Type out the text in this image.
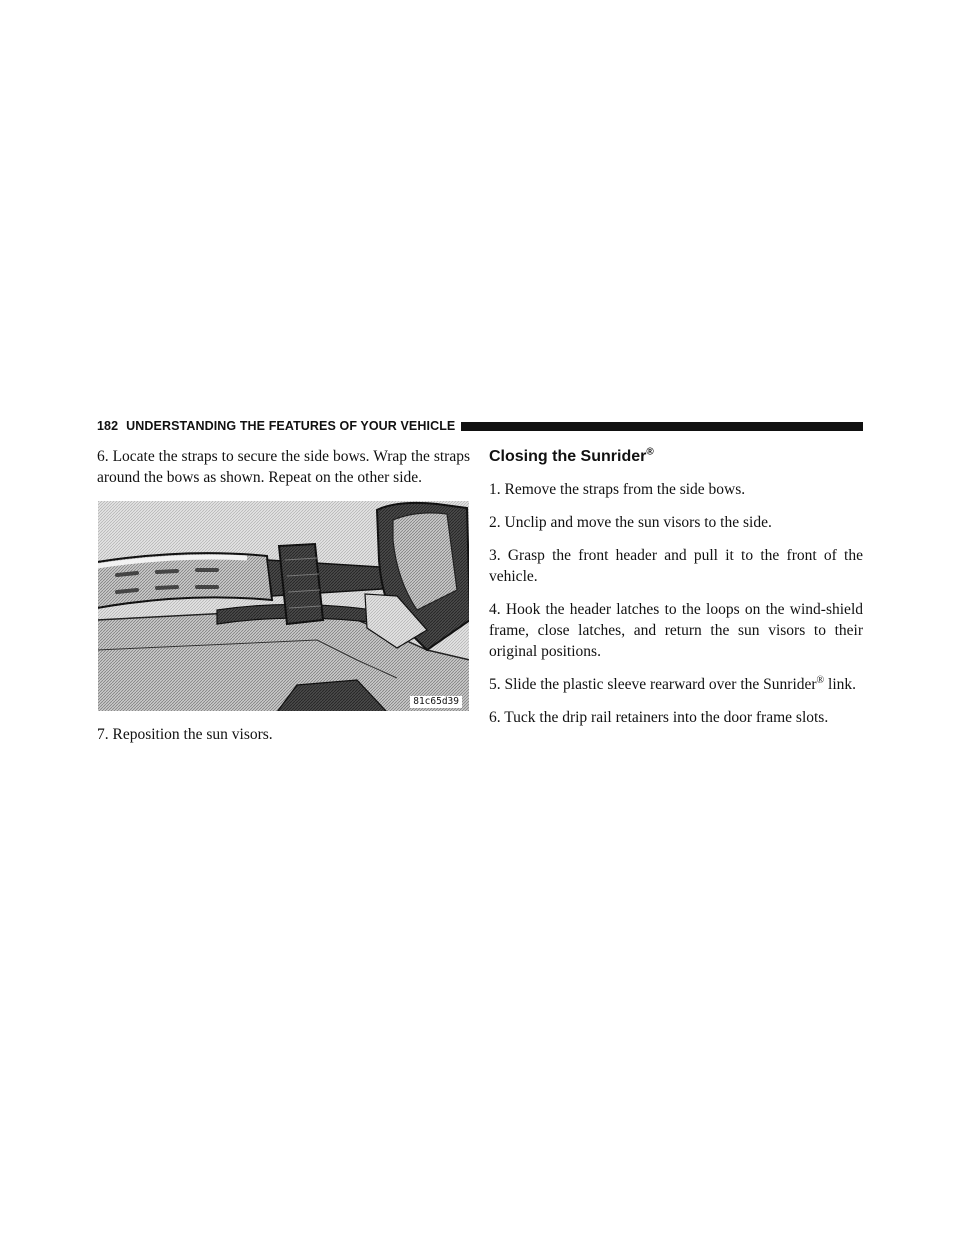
182 UNDERSTANDING THE FEATURES OF YOUR VEHICLE

6. Locate the straps to secure the side bows. Wrap the straps around the bows as shown. Repeat on the other side.

81c65d39

7. Reposition the sun visors.

Closing the Sunrider®

1. Remove the straps from the side bows.

2. Unclip and move the sun visors to the side.

3. Grasp the front header and pull it to the front of the vehicle.

4. Hook the header latches to the loops on the wind-shield frame, close latches, and return the sun visors to their original positions.

5. Slide the plastic sleeve rearward over the Sunrider® link.

6. Tuck the drip rail retainers into the door frame slots.
